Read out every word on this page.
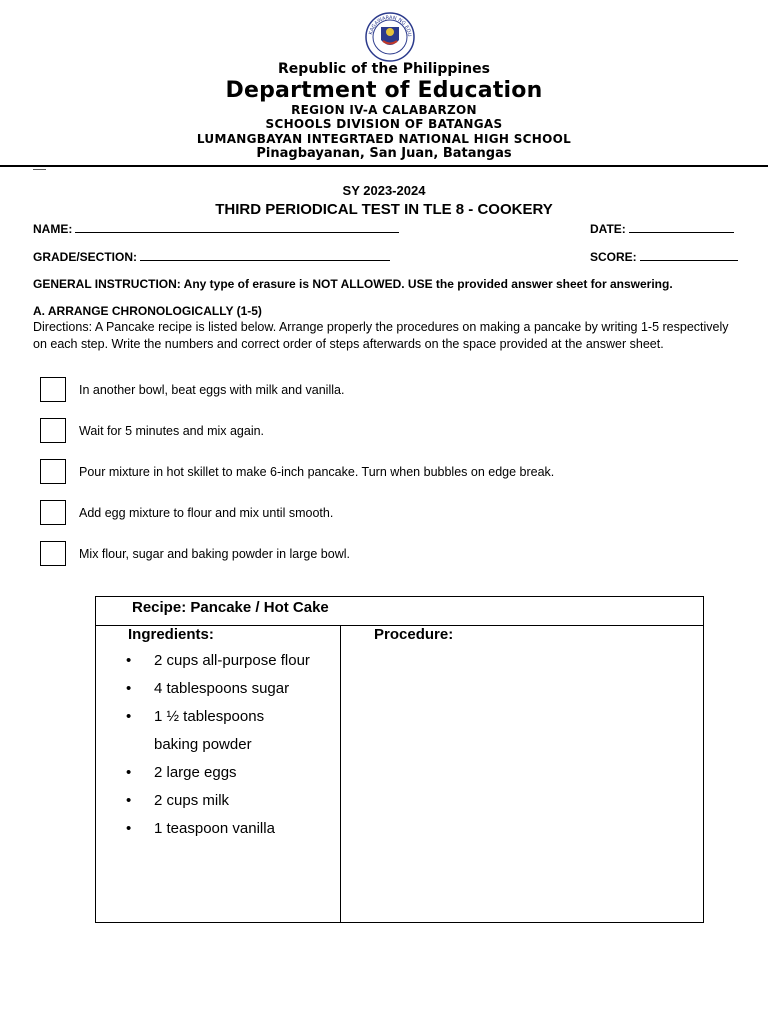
KAGAWARAN NG EDU
Republic of the Philippines
Department of Education
REGION IV-A CALABARZON
SCHOOLS DIVISION OF BATANGAS
LUMANGBAYAN INTEGRTAED NATIONAL HIGH SCHOOL
Pinagbayanan, San Juan, Batangas
SY 2023-2024
THIRD PERIODICAL TEST IN TLE 8 - COOKERY
NAME:	DATE:
GRADE/SECTION:	SCORE:
GENERAL INSTRUCTION: Any type of erasure is NOT ALLOWED. USE the provided answer sheet for answering.
A. ARRANGE CHRONOLOGICALLY (1-5)
Directions: A Pancake recipe is listed below. Arrange properly the procedures on making a pancake by writing 1-5 respectively on each step. Write the numbers and correct order of steps afterwards on the space provided at the answer sheet.
In another bowl, beat eggs with milk and vanilla.
Wait for 5 minutes and mix again.
Pour mixture in hot skillet to make 6-inch pancake. Turn when bubbles on edge break.
Add egg mixture to flour and mix until smooth.
Mix flour, sugar and baking powder in large bowl.
Recipe: Pancake / Hot Cake
Ingredients:	Procedure:
• 2 cups all-purpose flour
• 4 tablespoons sugar
• 1 ½ tablespoons
baking powder
• 2 large eggs
• 2 cups milk
• 1 teaspoon vanilla
